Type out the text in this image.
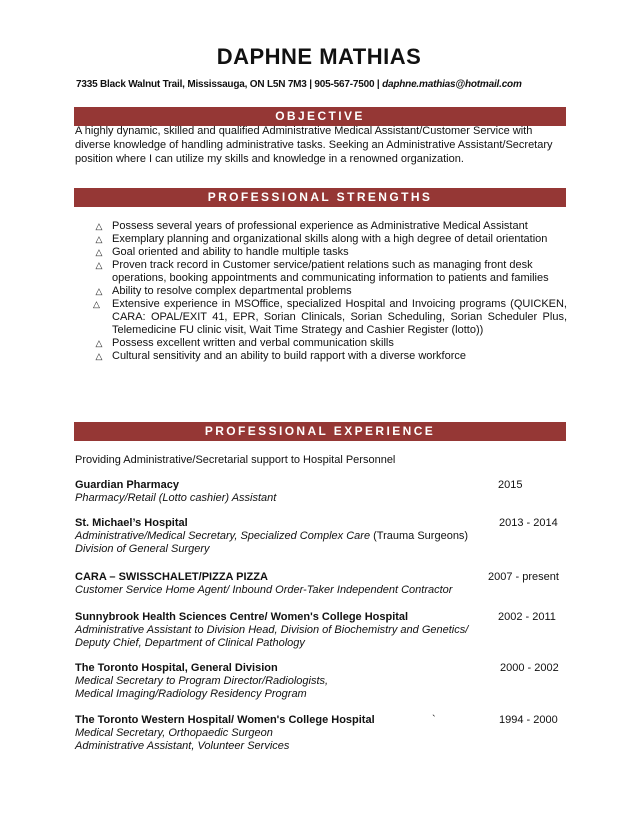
DAPHNE MATHIAS
7335 Black Walnut Trail, Mississauga, ON L5N 7M3 | 905-567-7500 | daphne.mathias@hotmail.com
OBJECTIVE
A highly dynamic, skilled and qualified Administrative Medical Assistant/Customer Service with diverse knowledge of handling administrative tasks. Seeking an Administrative Assistant/Secretary position where I can utilize my skills and knowledge in a renowned organization.
PROFESSIONAL STRENGTHS
△ Possess several years of professional experience as Administrative Medical Assistant
△ Exemplary planning and organizational skills along with a high degree of detail orientation
△ Goal oriented and ability to handle multiple tasks
△ Proven track record in Customer service/patient relations such as managing front desk operations, booking appointments and communicating information to patients and families
△ Ability to resolve complex departmental problems
△	Extensive experience in MSOffice, specialized Hospital and Invoicing programs (QUICKEN, CARA: OPAL/EXIT 41, EPR, Sorian Clinicals, Sorian Scheduling, Sorian Scheduler Plus, Telemedicine FU clinic visit, Wait Time Strategy and Cashier Register (lotto))
△ Possess excellent written and verbal communication skills
△ Cultural sensitivity and an ability to build rapport with a diverse workforce
PROFESSIONAL EXPERIENCE
Providing Administrative/Secretarial support to Hospital Personnel
Guardian Pharmacy	2015
Pharmacy/Retail (Lotto cashier) Assistant
St. Michael’s Hospital	2013 - 2014
Administrative/Medical Secretary, Specialized Complex Care (Trauma Surgeons)
Division of General Surgery
CARA – SWISSCHALET/PIZZA PIZZA	2007 - present
Customer Service Home Agent/ Inbound Order-Taker Independent Contractor
Sunnybrook Health Sciences Centre/ Women's College Hospital	2002 - 2011
Administrative Assistant to Division Head, Division of Biochemistry and Genetics/
Deputy Chief, Department of Clinical Pathology
The Toronto Hospital, General Division	2000 - 2002
Medical Secretary to Program Director/Radiologists,
Medical Imaging/Radiology Residency Program
The Toronto Western Hospital/ Women's College Hospital	`	1994 - 2000
Medical Secretary, Orthopaedic Surgeon
Administrative Assistant, Volunteer Services
